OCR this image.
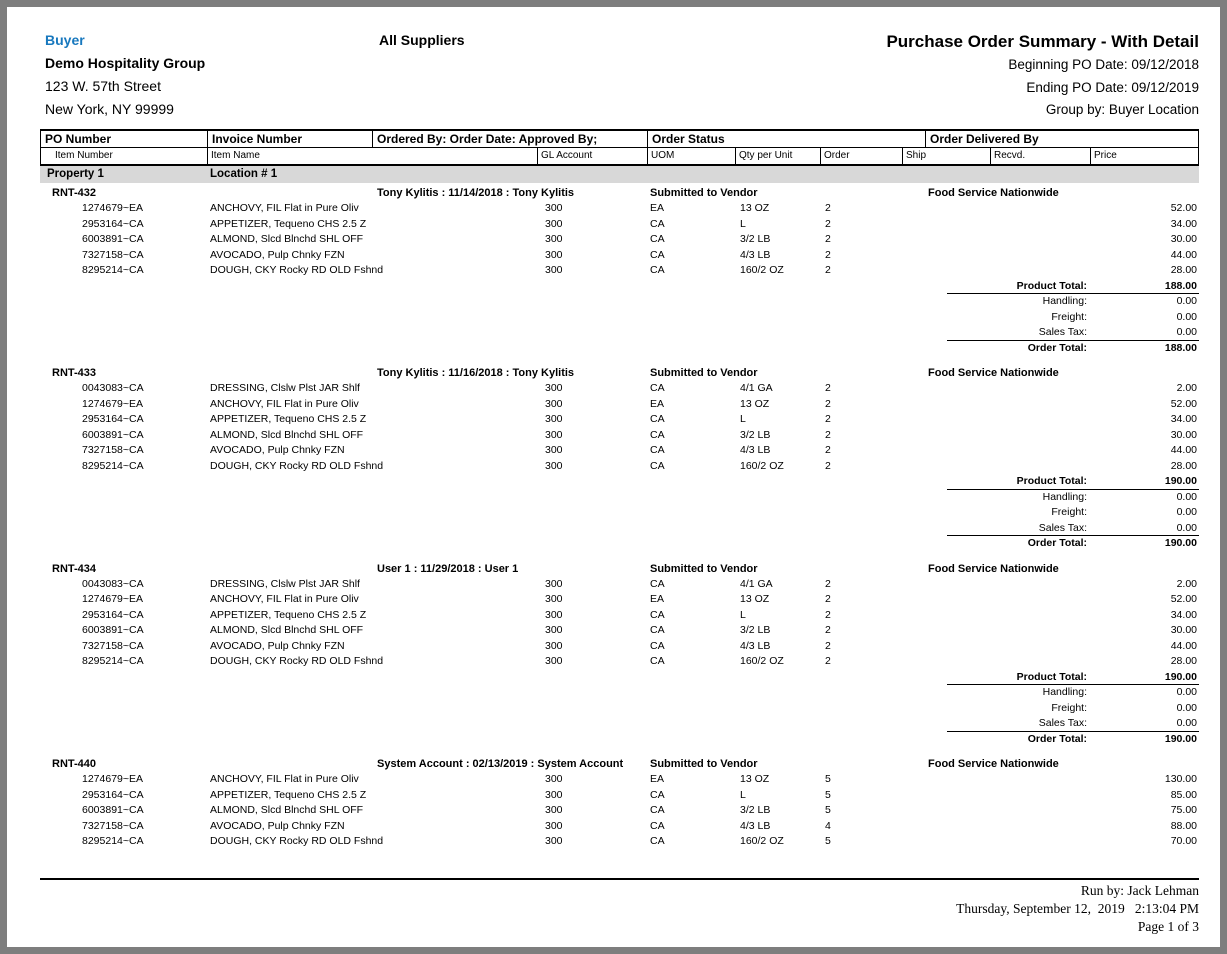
Buyer
Demo Hospitality Group
123 W. 57th Street
New York, NY 99999
All Suppliers	Purchase Order Summary - With Detail
Beginning PO Date: 09/12/2018
Ending PO Date: 09/12/2019
Group by: Buyer Location
PO Number	Invoice Number	Ordered By: Order Date: Approved By;	Order Status	Order Delivered By
Item Number	Item Name	GL Account	UOM	Qty per Unit	Order	Ship	Recvd.	Price
Property 1	Location # 1
RNT-432	Tony Kylitis : 11/14/2018 : Tony Kylitis	Submitted to Vendor	Food Service Nationwide
1274679~EA	ANCHOVY, FIL Flat in Pure Oliv	300	EA	13 OZ	2	52.00
2953164~CA	APPETIZER, Tequeno CHS 2.5 Z	300	CA	L	2	34.00
6003891~CA	ALMOND, Slcd Blnchd SHL OFF	300	CA	3/2 LB	2	30.00
7327158~CA	AVOCADO, Pulp Chnky FZN	300	CA	4/3 LB	2	44.00
8295214~CA	DOUGH, CKY Rocky RD OLD Fshnd	300	CA	160/2 OZ	2	28.00
Product Total:	188.00
Handling:	0.00
Freight:	0.00
Sales Tax:	0.00
Order Total:	188.00
RNT-433	Tony Kylitis : 11/16/2018 : Tony Kylitis	Submitted to Vendor	Food Service Nationwide
0043083~CA	DRESSING, Clslw Plst JAR Shlf	300	CA	4/1 GA	2	2.00
1274679~EA	ANCHOVY, FIL Flat in Pure Oliv	300	EA	13 OZ	2	52.00
2953164~CA	APPETIZER, Tequeno CHS 2.5 Z	300	CA	L	2	34.00
6003891~CA	ALMOND, Slcd Blnchd SHL OFF	300	CA	3/2 LB	2	30.00
7327158~CA	AVOCADO, Pulp Chnky FZN	300	CA	4/3 LB	2	44.00
8295214~CA	DOUGH, CKY Rocky RD OLD Fshnd	300	CA	160/2 OZ	2	28.00
Product Total:	190.00
Handling:	0.00
Freight:	0.00
Sales Tax:	0.00
Order Total:	190.00
RNT-434	User 1 : 11/29/2018 : User 1	Submitted to Vendor	Food Service Nationwide
0043083~CA	DRESSING, Clslw Plst JAR Shlf	300	CA	4/1 GA	2	2.00
1274679~EA	ANCHOVY, FIL Flat in Pure Oliv	300	EA	13 OZ	2	52.00
2953164~CA	APPETIZER, Tequeno CHS 2.5 Z	300	CA	L	2	34.00
6003891~CA	ALMOND, Slcd Blnchd SHL OFF	300	CA	3/2 LB	2	30.00
7327158~CA	AVOCADO, Pulp Chnky FZN	300	CA	4/3 LB	2	44.00
8295214~CA	DOUGH, CKY Rocky RD OLD Fshnd	300	CA	160/2 OZ	2	28.00
Product Total:	190.00
Handling:	0.00
Freight:	0.00
Sales Tax:	0.00
Order Total:	190.00
RNT-440	System Account : 02/13/2019 : System Account	Submitted to Vendor	Food Service Nationwide
1274679~EA	ANCHOVY, FIL Flat in Pure Oliv	300	EA	13 OZ	5	130.00
2953164~CA	APPETIZER, Tequeno CHS 2.5 Z	300	CA	L	5	85.00
6003891~CA	ALMOND, Slcd Blnchd SHL OFF	300	CA	3/2 LB	5	75.00
7327158~CA	AVOCADO, Pulp Chnky FZN	300	CA	4/3 LB	4	88.00
8295214~CA	DOUGH, CKY Rocky RD OLD Fshnd	300	CA	160/2 OZ	5	70.00
Run by: Jack Lehman
Thursday, September 12,  2019   2:13:04 PM
Page 1 of 3
